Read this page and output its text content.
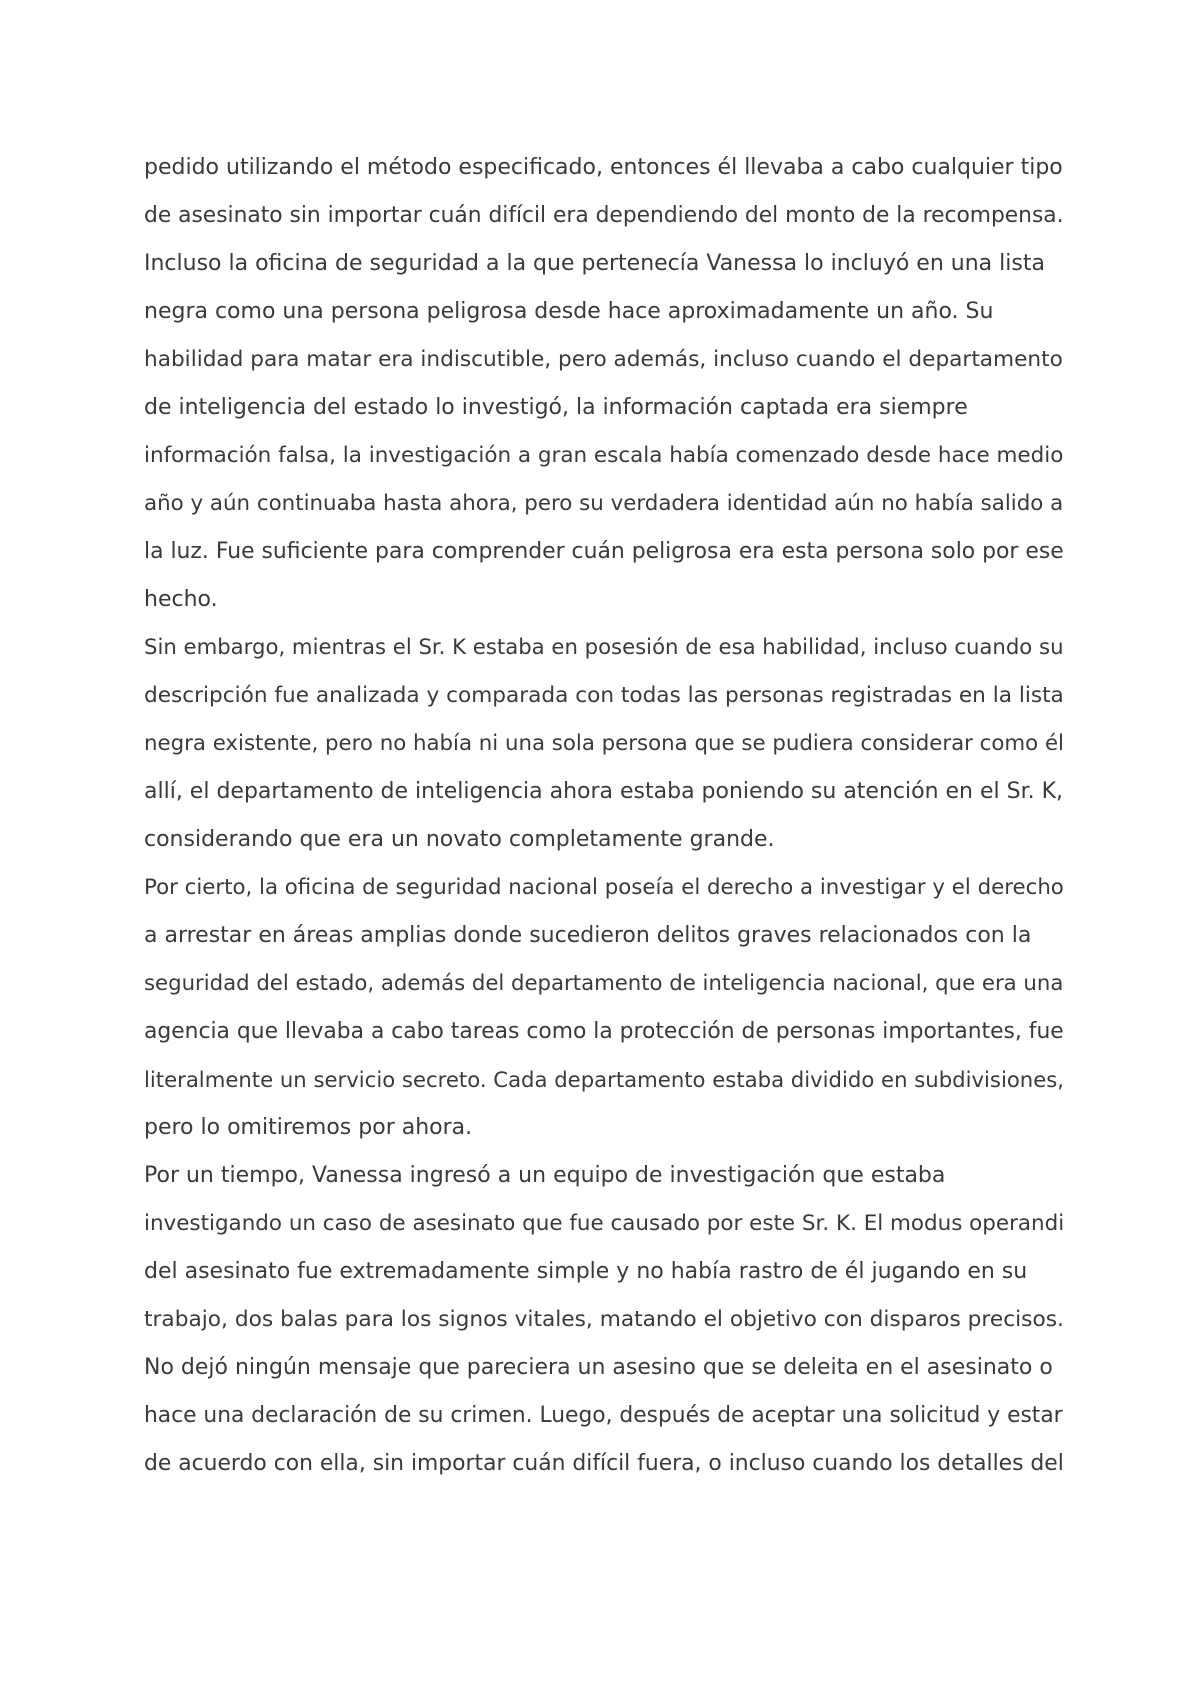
pedido utilizando el método especificado, entonces él llevaba a cabo cualquier tipo
de asesinato sin importar cuán difícil era dependiendo del monto de la recompensa.
Incluso la oficina de seguridad a la que pertenecía Vanessa lo incluyó en una lista
negra como una persona peligrosa desde hace aproximadamente un año. Su
habilidad para matar era indiscutible, pero además, incluso cuando el departamento
de inteligencia del estado lo investigó, la información captada era siempre
información falsa, la investigación a gran escala había comenzado desde hace medio
año y aún continuaba hasta ahora, pero su verdadera identidad aún no había salido a
la luz. Fue suficiente para comprender cuán peligrosa era esta persona solo por ese
hecho.
Sin embargo, mientras el Sr. K estaba en posesión de esa habilidad, incluso cuando su
descripción fue analizada y comparada con todas las personas registradas en la lista
negra existente, pero no había ni una sola persona que se pudiera considerar como él
allí, el departamento de inteligencia ahora estaba poniendo su atención en el Sr. K,
considerando que era un novato completamente grande.
Por cierto, la oficina de seguridad nacional poseía el derecho a investigar y el derecho
a arrestar en áreas amplias donde sucedieron delitos graves relacionados con la
seguridad del estado, además del departamento de inteligencia nacional, que era una
agencia que llevaba a cabo tareas como la protección de personas importantes, fue
literalmente un servicio secreto. Cada departamento estaba dividido en subdivisiones,
pero lo omitiremos por ahora.
Por un tiempo, Vanessa ingresó a un equipo de investigación que estaba
investigando un caso de asesinato que fue causado por este Sr. K. El modus operandi
del asesinato fue extremadamente simple y no había rastro de él jugando en su
trabajo, dos balas para los signos vitales, matando el objetivo con disparos precisos.
No dejó ningún mensaje que pareciera un asesino que se deleita en el asesinato o
hace una declaración de su crimen. Luego, después de aceptar una solicitud y estar
de acuerdo con ella, sin importar cuán difícil fuera, o incluso cuando los detalles del
